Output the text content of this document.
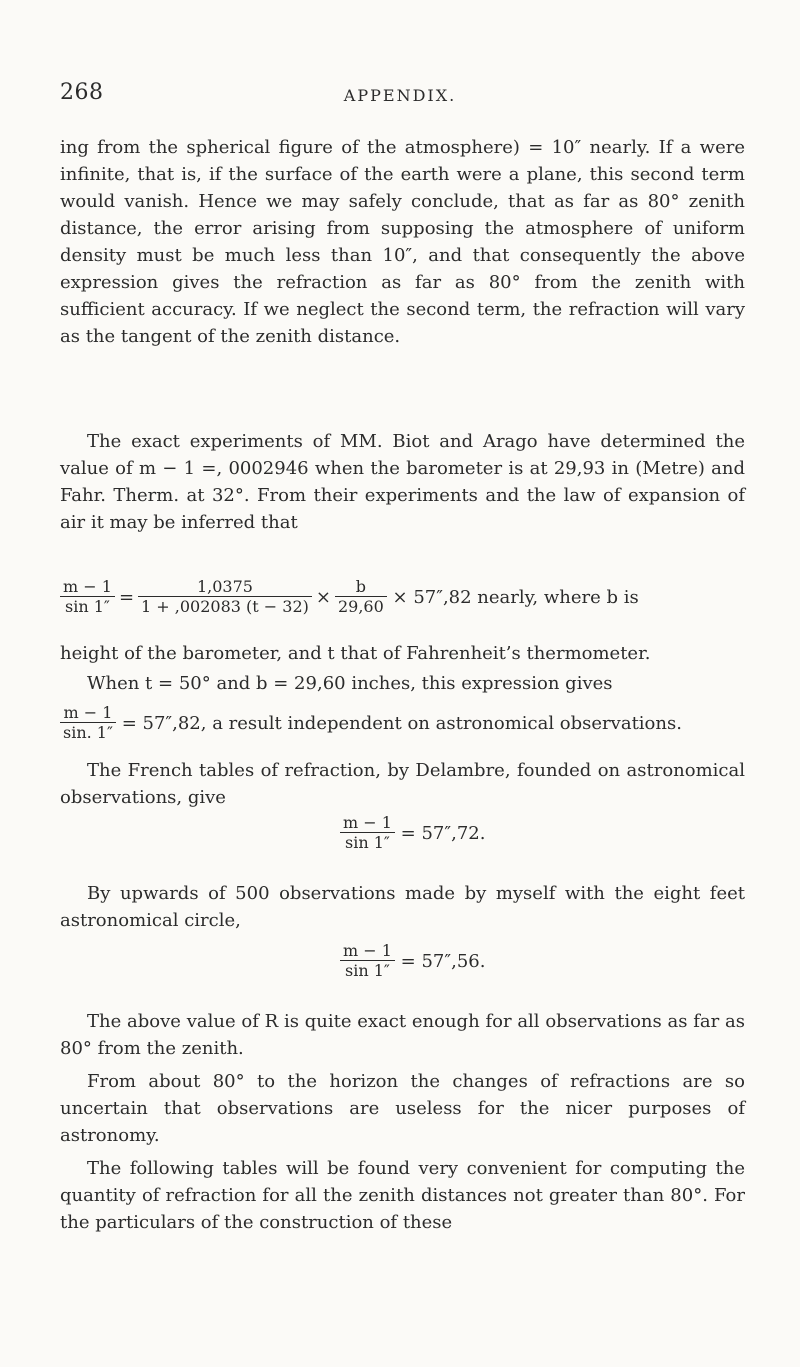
268	APPENDIX.
ing from the spherical figure of the atmosphere) = 10″ nearly. If a were infinite, that is, if the surface of the earth were a plane, this second term would vanish. Hence we may safely conclude, that as far as 80° zenith distance, the error arising from supposing the atmosphere of uniform density must be much less than 10″, and that consequently the above expression gives the refraction as far as 80° from the zenith with sufficient accuracy. If we neglect the second term, the refraction will vary as the tangent of the zenith distance.
The exact experiments of MM. Biot and Arago have determined the value of m − 1 =, 0002946 when the barometer is at 29,93 in (Metre) and Fahr. Therm. at 32°. From their experiments and the law of expansion of air it may be inferred that
$\frac{m - 1}{\sin 1''} = \frac{1,0375}{1 + ,002083 (t - 32)} \times \frac{b}{29,60} \times 57'',82$ nearly, where b is
height of the barometer, and t that of Fahrenheit’s thermometer.
When t = 50° and b = 29,60 inches, this expression gives
$\frac{m - 1}{\sin. 1''} = 57'',82$, a result independent on astronomical observations.
The French tables of refraction, by Delambre, founded on astronomical observations, give
$\frac{m - 1}{\sin 1''} = 57'',72$.
By upwards of 500 observations made by myself with the eight feet astronomical circle,
$\frac{m - 1}{\sin 1''} = 57'',56$.
The above value of R is quite exact enough for all observations as far as 80° from the zenith.
From about 80° to the horizon the changes of refractions are so uncertain that observations are useless for the nicer purposes of astronomy.
The following tables will be found very convenient for computing the quantity of refraction for all the zenith distances not greater than 80°. For the particulars of the construction of these
